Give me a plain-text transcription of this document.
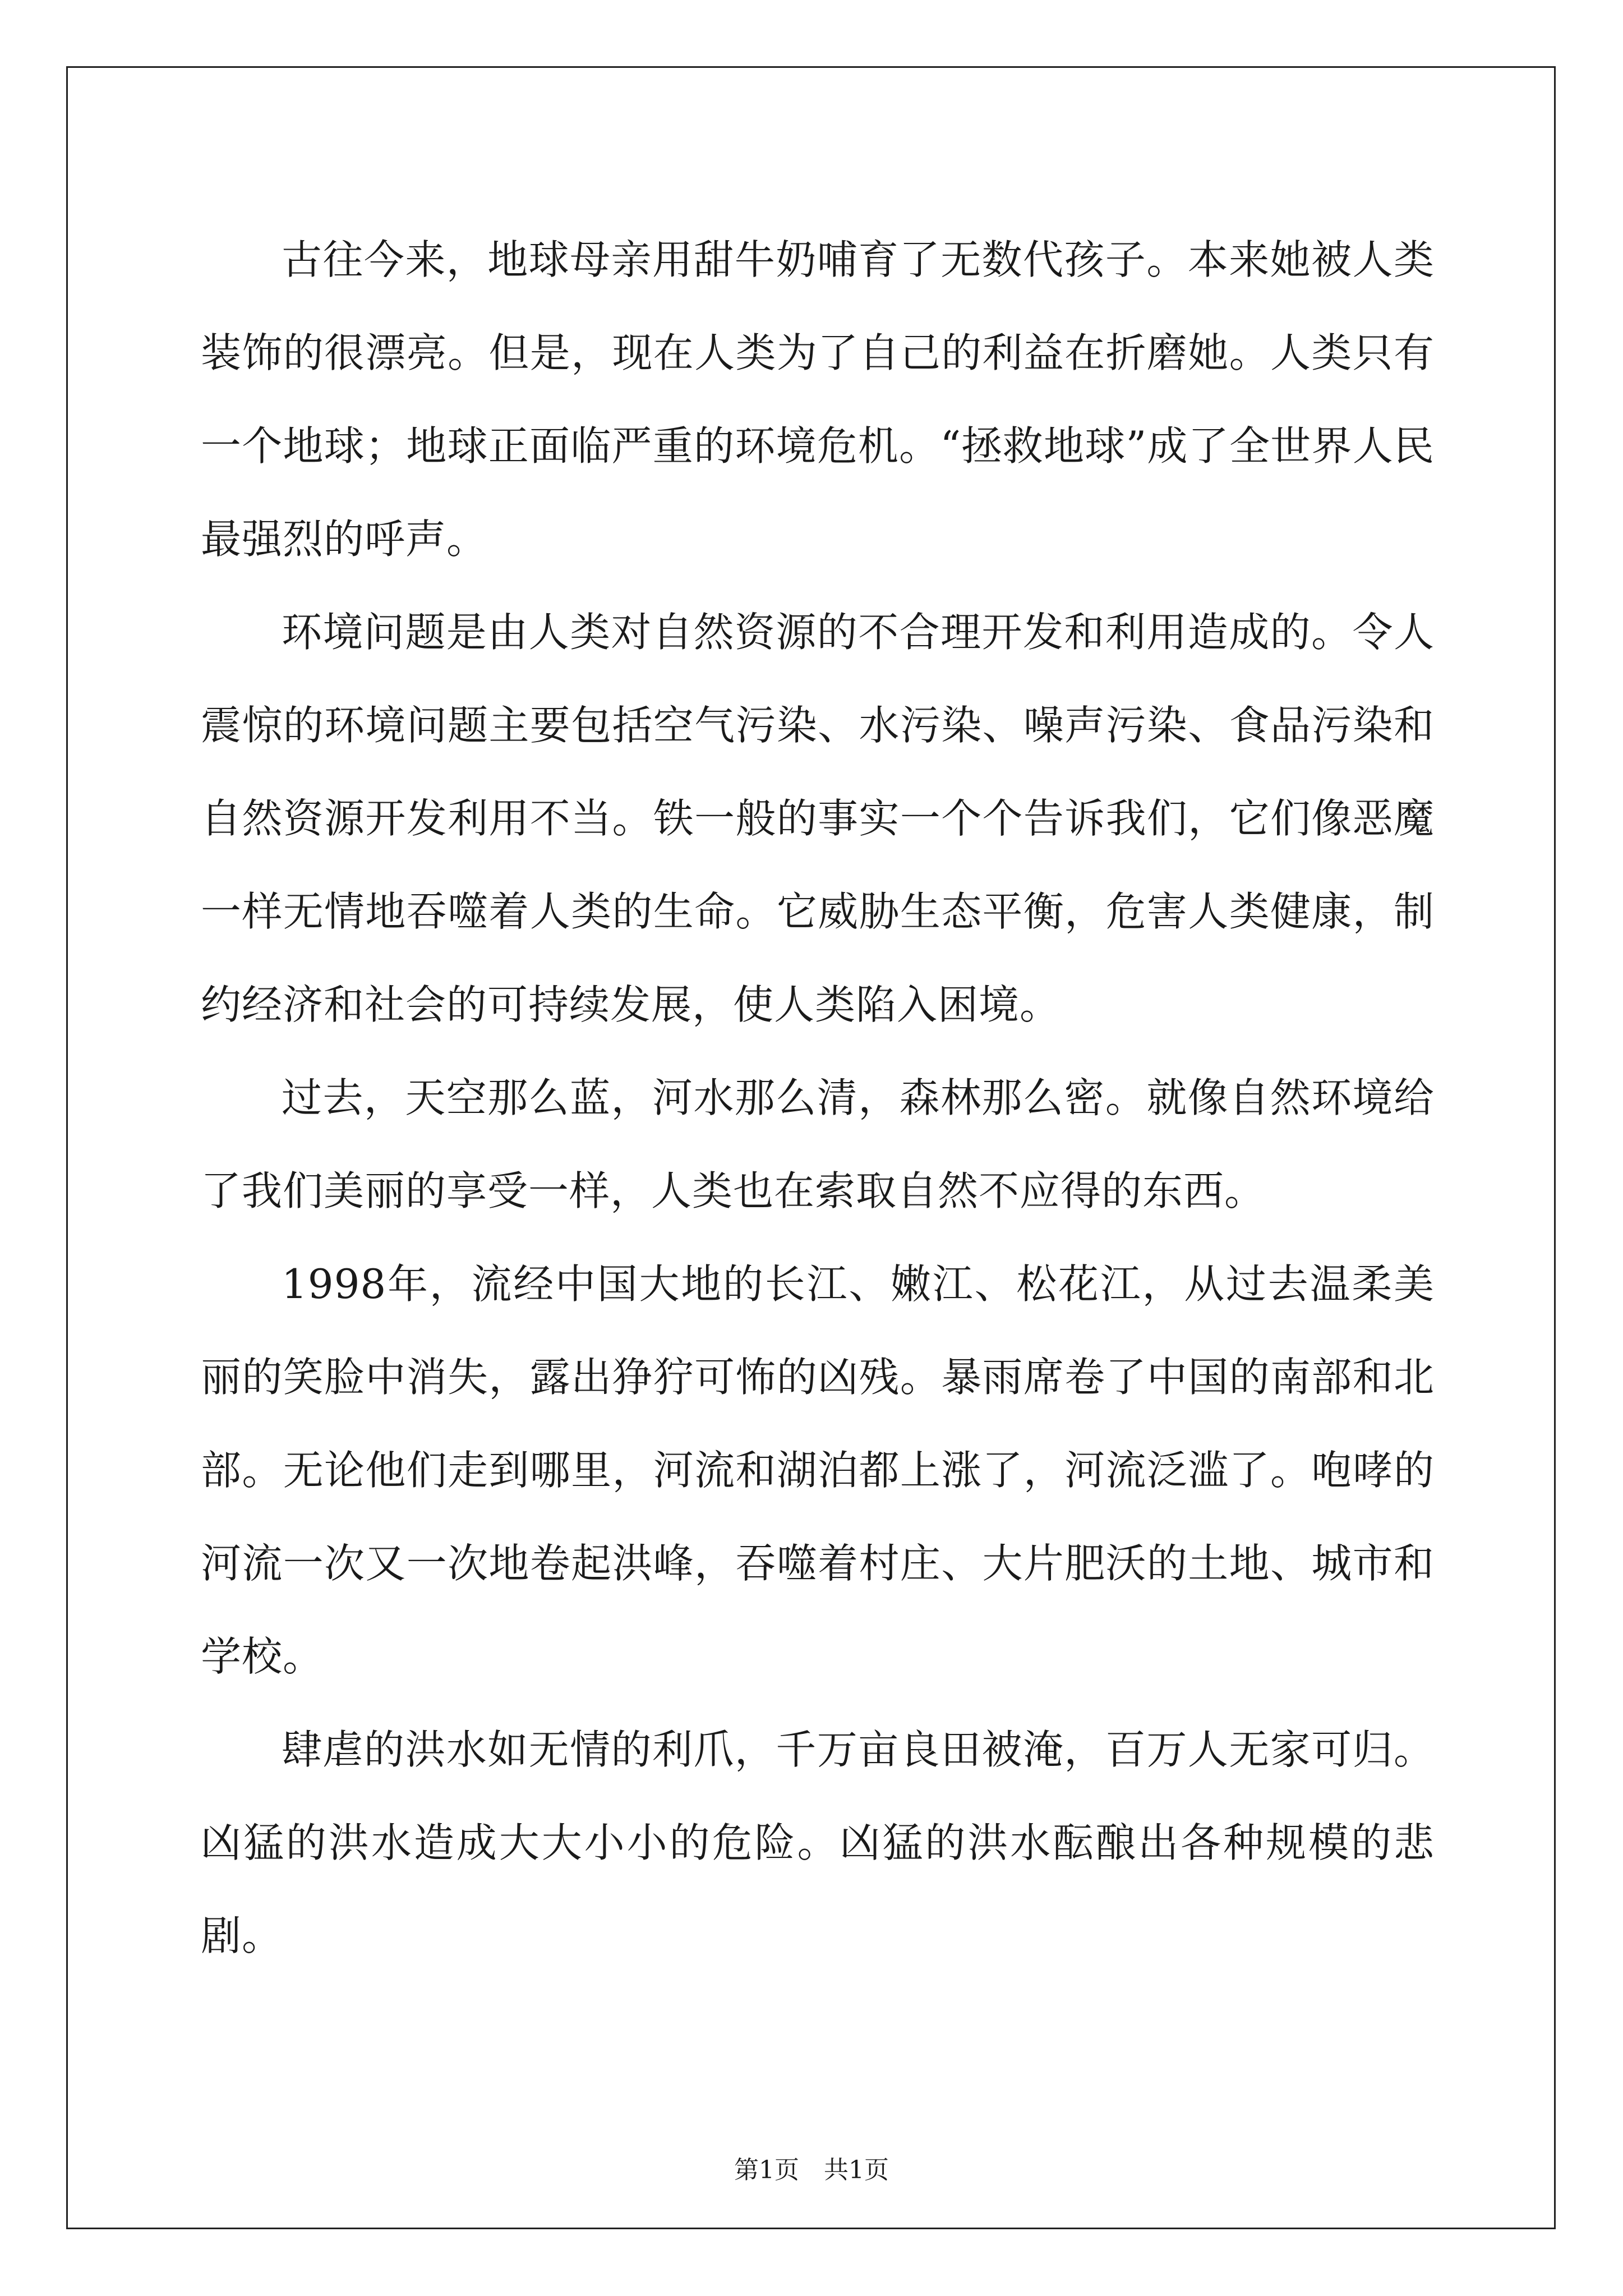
古往今来，地球母亲用甜牛奶哺育了无数代孩子。本来她被人类装饰的很漂亮。但是，现在人类为了自己的利益在折磨她。人类只有一个地球；地球正面临严重的环境危机。“拯救地球”成了全世界人民最强烈的呼声。

环境问题是由人类对自然资源的不合理开发和利用造成的。令人震惊的环境问题主要包括空气污染、水污染、噪声污染、食品污染和自然资源开发利用不当。铁一般的事实一个个告诉我们，它们像恶魔一样无情地吞噬着人类的生命。它威胁生态平衡，危害人类健康，制约经济和社会的可持续发展，使人类陷入困境。

过去，天空那么蓝，河水那么清，森林那么密。就像自然环境给了我们美丽的享受一样，人类也在索取自然不应得的东西。

1998年，流经中国大地的长江、嫩江、松花江，从过去温柔美丽的笑脸中消失，露出狰狞可怖的凶残。暴雨席卷了中国的南部和北部。无论他们走到哪里，河流和湖泊都上涨了，河流泛滥了。咆哮的河流一次又一次地卷起洪峰，吞噬着村庄、大片肥沃的土地、城市和学校。

肆虐的洪水如无情的利爪，千万亩良田被淹，百万人无家可归。凶猛的洪水造成大大小小的危险。凶猛的洪水酝酿出各种规模的悲剧。

第1页　共1页
